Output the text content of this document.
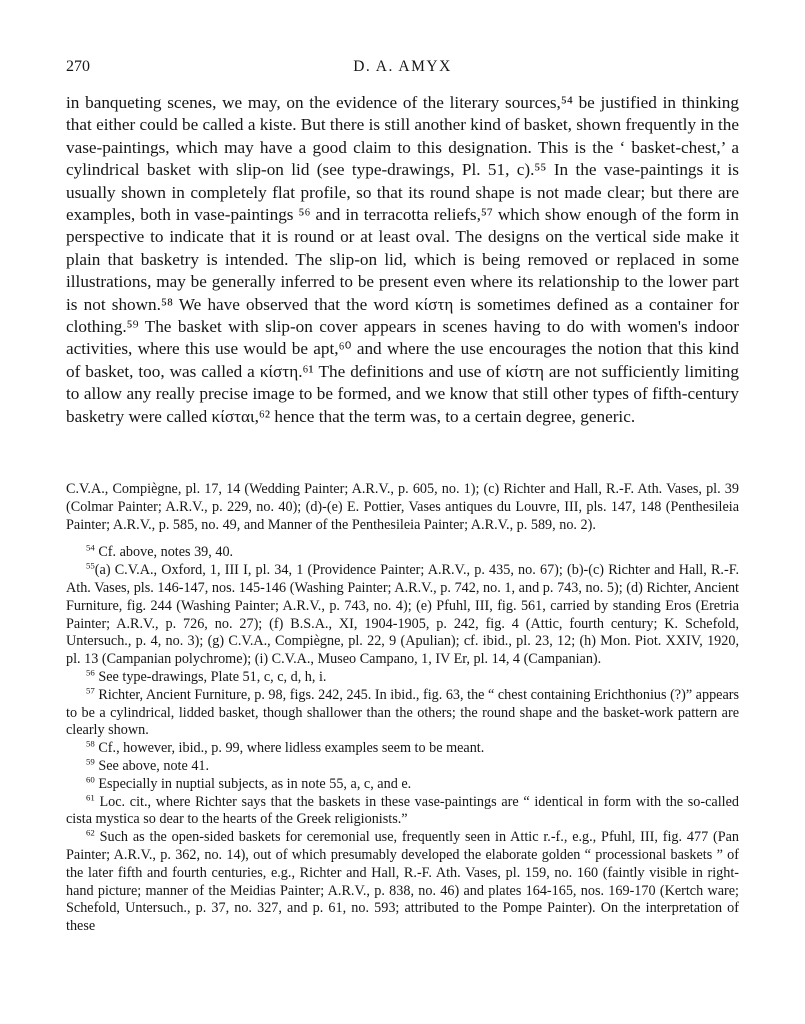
270	D. A. AMYX

in banqueting scenes, we may, on the evidence of the literary sources,⁵⁴ be justified in thinking that either could be called a kiste. But there is still another kind of basket, shown frequently in the vase-paintings, which may have a good claim to this designation. This is the ‘ basket-chest,’ a cylindrical basket with slip-on lid (see type-drawings, Pl. 51, c).⁵⁵ In the vase-paintings it is usually shown in completely flat profile, so that its round shape is not made clear; but there are examples, both in vase-paintings ⁵⁶ and in terracotta reliefs,⁵⁷ which show enough of the form in perspective to indicate that it is round or at least oval. The designs on the vertical side make it plain that basketry is intended. The slip-on lid, which is being removed or replaced in some illustrations, may be generally inferred to be present even where its relationship to the lower part is not shown.⁵⁸ We have observed that the word κίστη is sometimes defined as a container for clothing.⁵⁹ The basket with slip-on cover appears in scenes having to do with women's indoor activities, where this use would be apt,⁶⁰ and where the use encourages the notion that this kind of basket, too, was called a κίστη.⁶¹ The definitions and use of κίστη are not sufficiently limiting to allow any really precise image to be formed, and we know that still other types of fifth-century basketry were called κίσται,⁶² hence that the term was, to a certain degree, generic.

C.V.A., Compiègne, pl. 17, 14 (Wedding Painter; A.R.V., p. 605, no. 1); (c) Richter and Hall, R.-F. Ath. Vases, pl. 39 (Colmar Painter; A.R.V., p. 229, no. 40); (d)-(e) E. Pottier, Vases antiques du Louvre, III, pls. 147, 148 (Penthesileia Painter; A.R.V., p. 585, no. 49, and Manner of the Penthesileia Painter; A.R.V., p. 589, no. 2).

$^{54}$ Cf. above, notes 39, 40.

$^{55}$(a) C.V.A., Oxford, 1, III I, pl. 34, 1 (Providence Painter; A.R.V., p. 435, no. 67); (b)-(c) Richter and Hall, R.-F. Ath. Vases, pls. 146-147, nos. 145-146 (Washing Painter; A.R.V., p. 742, no. 1, and p. 743, no. 5); (d) Richter, Ancient Furniture, fig. 244 (Washing Painter; A.R.V., p. 743, no. 4); (e) Pfuhl, III, fig. 561, carried by standing Eros (Eretria Painter; A.R.V., p. 726, no. 27); (f) B.S.A., XI, 1904-1905, p. 242, fig. 4 (Attic, fourth century; K. Schefold, Untersuch., p. 4, no. 3); (g) C.V.A., Compiègne, pl. 22, 9 (Apulian); cf. ibid., pl. 23, 12; (h) Mon. Piot. XXIV, 1920, pl. 13 (Campanian polychrome); (i) C.V.A., Museo Campano, 1, IV Er, pl. 14, 4 (Campanian).

$^{56}$ See type-drawings, Plate 51, c, c, d, h, i.

$^{57}$ Richter, Ancient Furniture, p. 98, figs. 242, 245. In ibid., fig. 63, the “ chest containing Erichthonius (?)” appears to be a cylindrical, lidded basket, though shallower than the others; the round shape and the basket-work pattern are clearly shown.

$^{58}$ Cf., however, ibid., p. 99, where lidless examples seem to be meant.

$^{59}$ See above, note 41.

$^{60}$ Especially in nuptial subjects, as in note 55, a, c, and e.

$^{61}$ Loc. cit., where Richter says that the baskets in these vase-paintings are “ identical in form with the so-called cista mystica so dear to the hearts of the Greek religionists.”

$^{62}$ Such as the open-sided baskets for ceremonial use, frequently seen in Attic r.-f., e.g., Pfuhl, III, fig. 477 (Pan Painter; A.R.V., p. 362, no. 14), out of which presumably developed the elaborate golden “ processional baskets ” of the later fifth and fourth centuries, e.g., Richter and Hall, R.-F. Ath. Vases, pl. 159, no. 160 (faintly visible in right-hand picture; manner of the Meidias Painter; A.R.V., p. 838, no. 46) and plates 164-165, nos. 169-170 (Kertch ware; Schefold, Untersuch., p. 37, no. 327, and p. 61, no. 593; attributed to the Pompe Painter). On the interpretation of these
